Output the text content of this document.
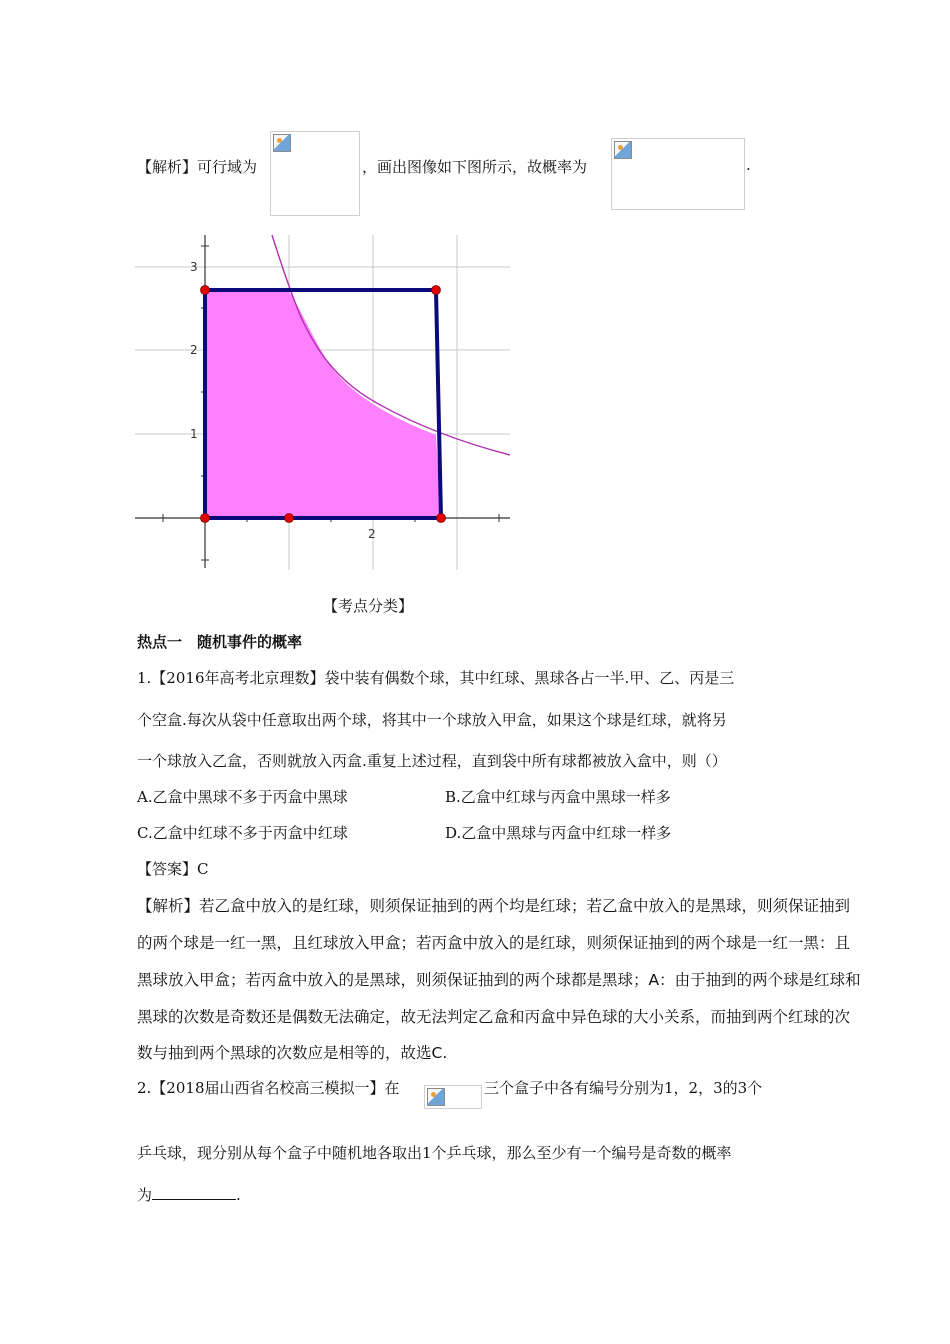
【解析】可行域为	，画出图像如下图所示，故概率为	.
2
1
2
3
【考点分类】
热点一　随机事件的概率
1.【2016年高考北京理数】袋中装有偶数个球，其中红球、黑球各占一半.甲、乙、丙是三
个空盒.每次从袋中任意取出两个球，将其中一个球放入甲盒，如果这个球是红球，就将另
一个球放入乙盒，否则就放入丙盒.重复上述过程，直到袋中所有球都被放入盒中，则（）
A.乙盒中黑球不多于丙盒中黑球	B.乙盒中红球与丙盒中黑球一样多
C.乙盒中红球不多于丙盒中红球	D.乙盒中黑球与丙盒中红球一样多
【答案】C
【解析】若乙盒中放入的是红球，则须保证抽到的两个均是红球；若乙盒中放入的是黑球，则须保证抽到
的两个球是一红一黑，且红球放入甲盒；若丙盒中放入的是红球，则须保证抽到的两个球是一红一黑：且
黑球放入甲盒；若丙盒中放入的是黑球，则须保证抽到的两个球都是黑球；A：由于抽到的两个球是红球和
黑球的次数是奇数还是偶数无法确定，故无法判定乙盒和丙盒中异色球的大小关系，而抽到两个红球的次
数与抽到两个黑球的次数应是相等的，故选C.
2.【2018届山西省名校高三模拟一】在	三个盒子中各有编号分别为1，2，3的3个
乒乓球，现分别从每个盒子中随机地各取出1个乒乓球，那么至少有一个编号是奇数的概率
为	.
